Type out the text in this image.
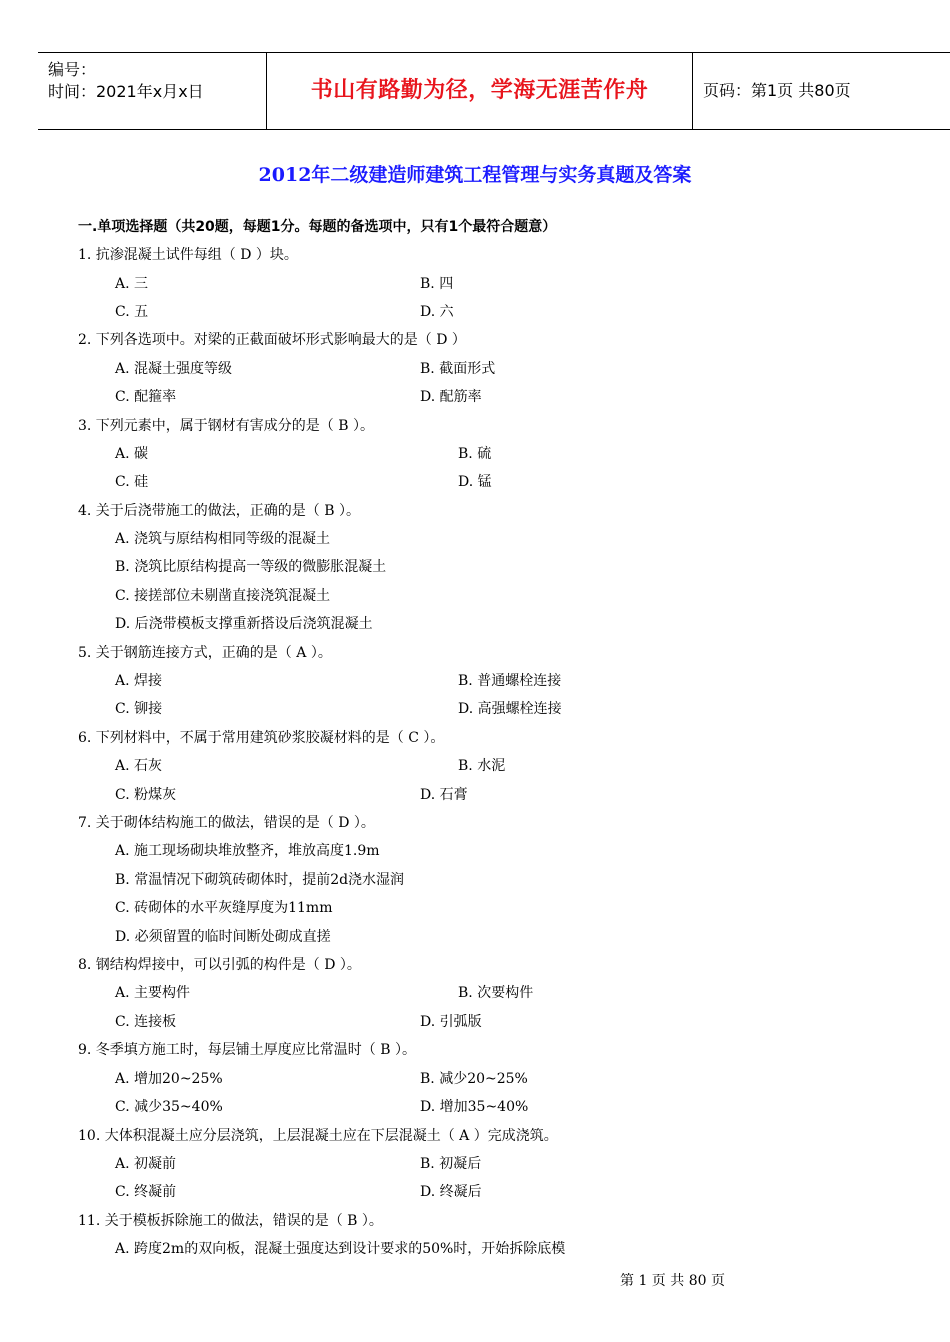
编号：
时间：2021年x月x日	书山有路勤为径，学海无涯苦作舟	页码：第1页 共80页
2012年二级建造师建筑工程管理与实务真题及答案
一.单项选择题（共20题，每题1分。每题的备选项中，只有1个最符合题意）
1. 抗渗混凝土试件每组（ D ）块。
A. 三	B. 四
C. 五	D. 六
2. 下列各选项中。对梁的正截面破坏形式影响最大的是（ D ）
A. 混凝土强度等级	B. 截面形式
C. 配箍率	D. 配筋率
3. 下列元素中，属于钢材有害成分的是（ B ）。
A. 碳	B. 硫
C. 硅	D. 锰
4. 关于后浇带施工的做法，正确的是（ B ）。
A. 浇筑与原结构相同等级的混凝土
B. 浇筑比原结构提高一等级的微膨胀混凝土
C. 接搓部位未剔凿直接浇筑混凝土
D. 后浇带模板支撑重新搭设后浇筑混凝土
5. 关于钢筋连接方式，正确的是（ A ）。
A. 焊接	B. 普通螺栓连接
C. 铆接	D. 高强螺栓连接
6. 下列材料中，不属于常用建筑砂浆胶凝材料的是（ C ）。
A. 石灰	B. 水泥
C. 粉煤灰	D. 石膏
7. 关于砌体结构施工的做法，错误的是（ D ）。
A. 施工现场砌块堆放整齐，堆放高度1.9m
B. 常温情况下砌筑砖砌体时，提前2d浇水湿润
C. 砖砌体的水平灰缝厚度为11mm
D. 必须留置的临时间断处砌成直搓
8. 钢结构焊接中，可以引弧的构件是（ D ）。
A. 主要构件	B. 次要构件
C. 连接板	D. 引弧版
9. 冬季填方施工时，每层铺土厚度应比常温时（ B ）。
A. 增加20~25%	B. 减少20~25%
C. 减少35~40%	D. 增加35~40%
10. 大体积混凝土应分层浇筑，上层混凝土应在下层混凝土（ A ）完成浇筑。
A. 初凝前	B. 初凝后
C. 终凝前	D. 终凝后
11. 关于模板拆除施工的做法，错误的是（ B ）。
A. 跨度2m的双向板，混凝土强度达到设计要求的50%时，开始拆除底模
第 1 页 共 80 页
